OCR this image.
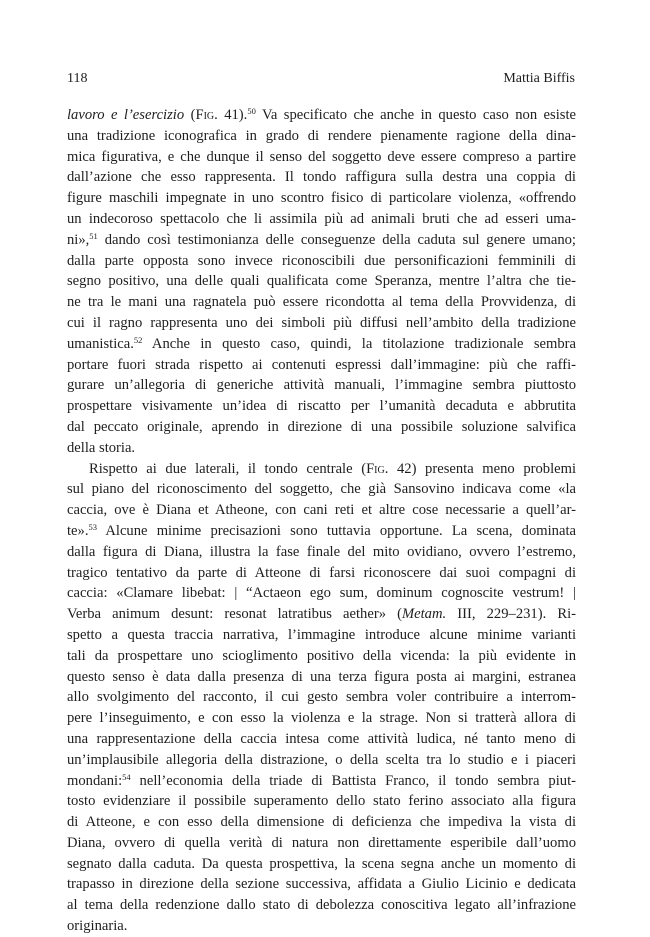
118	Mattia Biffis
lavoro e l’esercizio (Fig. 41).$^{50}$ Va specificato che anche in questo caso non esiste
una tradizione iconografica in grado di rendere pienamente ragione della dina-
mica figurativa, e che dunque il senso del soggetto deve essere compreso a partire
dall’azione che esso rappresenta. Il tondo raffigura sulla destra una coppia di
figure maschili impegnate in uno scontro fisico di particolare violenza, «offrendo
un indecoroso spettacolo che li assimila più ad animali bruti che ad esseri uma-
ni»,$^{51}$ dando così testimonianza delle conseguenze della caduta sul genere umano;
dalla parte opposta sono invece riconoscibili due personificazioni femminili di
segno positivo, una delle quali qualificata come Speranza, mentre l’altra che tie-
ne tra le mani una ragnatela può essere ricondotta al tema della Provvidenza, di
cui il ragno rappresenta uno dei simboli più diffusi nell’ambito della tradizione
umanistica.$^{52}$ Anche in questo caso, quindi, la titolazione tradizionale sembra
portare fuori strada rispetto ai contenuti espressi dall’immagine: più che raffi-
gurare un’allegoria di generiche attività manuali, l’immagine sembra piuttosto
prospettare visivamente un’idea di riscatto per l’umanità decaduta e abbrutita
dal peccato originale, aprendo in direzione di una possibile soluzione salvifica
della storia.
Rispetto ai due laterali, il tondo centrale (Fig. 42) presenta meno problemi
sul piano del riconoscimento del soggetto, che già Sansovino indicava come «la
caccia, ove è Diana et Atheone, con cani reti et altre cose necessarie a quell’ar-
te».$^{53}$ Alcune minime precisazioni sono tuttavia opportune. La scena, dominata
dalla figura di Diana, illustra la fase finale del mito ovidiano, ovvero l’estremo,
tragico tentativo da parte di Atteone di farsi riconoscere dai suoi compagni di
caccia: «Clamare libebat: | “Actaeon ego sum, dominum cognoscite vestrum! |
Verba animum desunt: resonat latratibus aether» (Metam. III, 229–231). Ri-
spetto a questa traccia narrativa, l’immagine introduce alcune minime varianti
tali da prospettare uno scioglimento positivo della vicenda: la più evidente in
questo senso è data dalla presenza di una terza figura posta ai margini, estranea
allo svolgimento del racconto, il cui gesto sembra voler contribuire a interrom-
pere l’inseguimento, e con esso la violenza e la strage. Non si tratterà allora di
una rappresentazione della caccia intesa come attività ludica, né tanto meno di
un’implausibile allegoria della distrazione, o della scelta tra lo studio e i piaceri
mondani:$^{54}$ nell’economia della triade di Battista Franco, il tondo sembra piut-
tosto evidenziare il possibile superamento dello stato ferino associato alla figura
di Atteone, e con esso della dimensione di deficienza che impediva la vista di
Diana, ovvero di quella verità di natura non direttamente esperibile dall’uomo
segnato dalla caduta. Da questa prospettiva, la scena segna anche un momento di
trapasso in direzione della sezione successiva, affidata a Giulio Licinio e dedicata
al tema della redenzione dallo stato di debolezza conoscitiva legato all’infrazione
originaria.
